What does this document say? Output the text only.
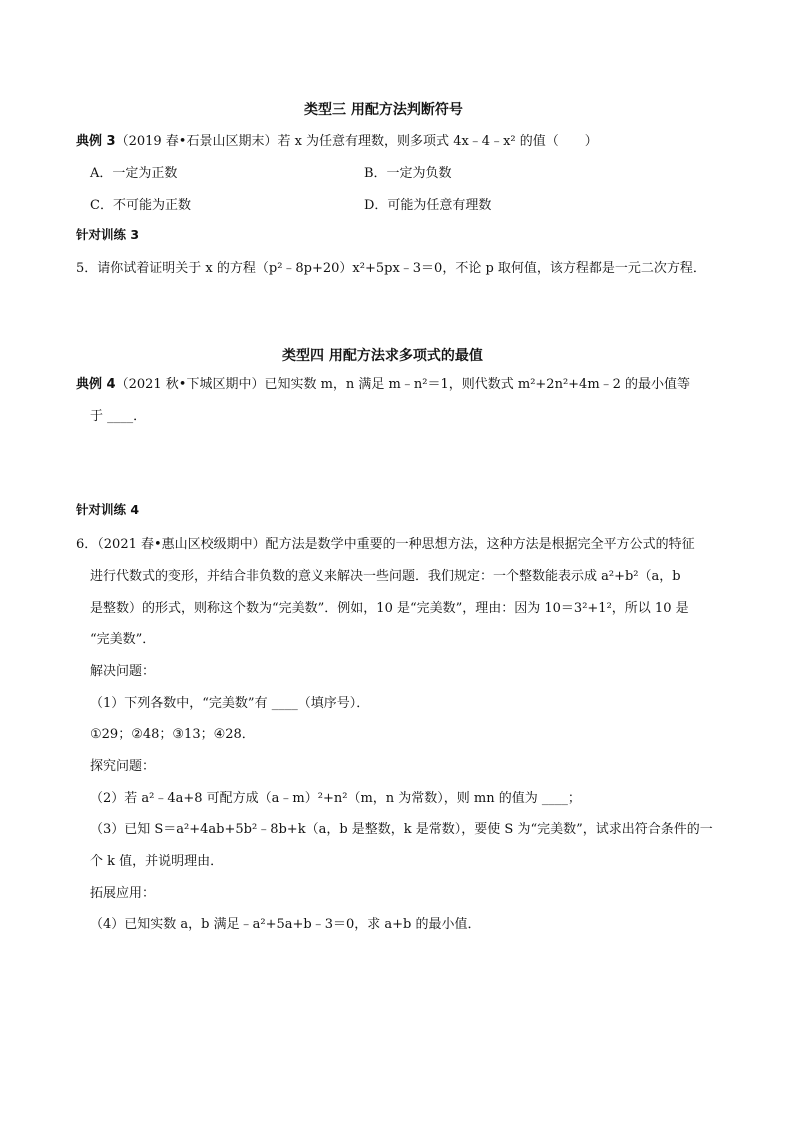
类型三 用配方法判断符号
典例 3（2019 春•石景山区期末）若 x 为任意有理数，则多项式 4x﹣4﹣x² 的值（　　）
A．一定为正数	B．一定为负数
C．不可能为正数	D．可能为任意有理数
针对训练 3
5．请你试着证明关于 x 的方程（p²﹣8p+20）x²+5px﹣3＝0，不论 p 取何值，该方程都是一元二次方程．
类型四 用配方法求多项式的最值
典例 4（2021 秋•下城区期中）已知实数 m，n 满足 m﹣n²＝1，则代数式 m²+2n²+4m﹣2 的最小值等
于 ____．
针对训练 4
6．（2021 春•惠山区校级期中）配方法是数学中重要的一种思想方法，这种方法是根据完全平方公式的特征
进行代数式的变形，并结合非负数的意义来解决一些问题．我们规定：一个整数能表示成 a²+b²（a，b
是整数）的形式，则称这个数为“完美数”．例如，10 是“完美数”，理由：因为 10＝3²+1²，所以 10 是
“完美数”．
解决问题：
（1）下列各数中，“完美数”有 ____（填序号）．
①29；②48；③13；④28．
探究问题：
（2）若 a²﹣4a+8 可配方成（a﹣m）²+n²（m，n 为常数），则 mn 的值为 ____；
（3）已知 S＝a²+4ab+5b²﹣8b+k（a，b 是整数，k 是常数），要使 S 为“完美数”，试求出符合条件的一
个 k 值，并说明理由．
拓展应用：
（4）已知实数 a，b 满足﹣a²+5a+b﹣3＝0，求 a+b 的最小值．
